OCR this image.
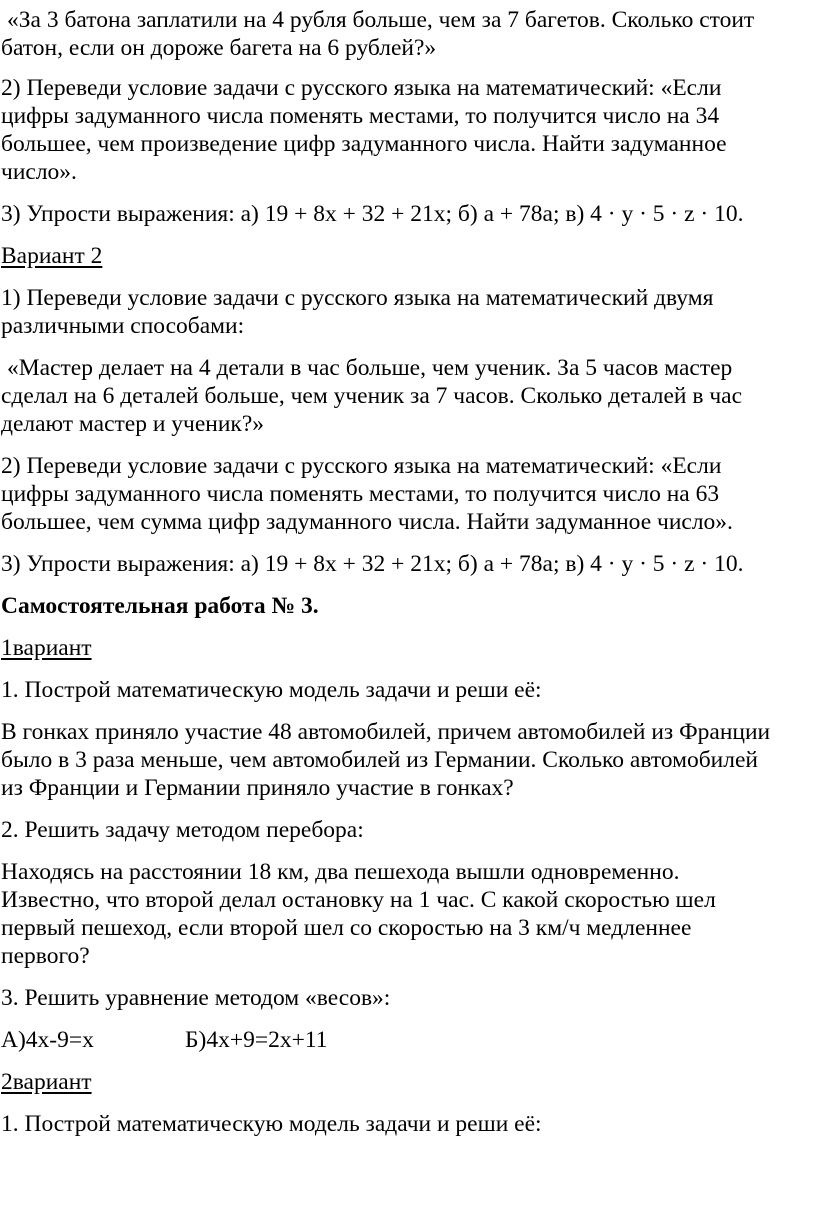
«За 3 батона заплатили на 4 рубля больше, чем за 7 багетов. Сколько стоит

батон, если он дороже багета на 6 рублей?»

2) Переведи условие задачи с русского языка на математический: «Если

цифры задуманного числа поменять местами, то получится число на 34

большее, чем произведение цифр задуманного числа. Найти задуманное

число».

3) Упрости выражения: а) 19 + 8х + 32 + 21х; б) а + 78а; в) 4 · у · 5 · z · 10.

Вариант 2

1) Переведи условие задачи с русского языка на математический двумя

различными способами:

«Мастер делает на 4 детали в час больше, чем ученик. За 5 часов мастер

сделал на 6 деталей больше, чем ученик за 7 часов. Сколько деталей в час

делают мастер и ученик?»

2) Переведи условие задачи с русского языка на математический: «Если

цифры задуманного числа поменять местами, то получится число на 63

большее, чем сумма цифр задуманного числа. Найти задуманное число».

3) Упрости выражения: а) 19 + 8х + 32 + 21х; б) а + 78а; в) 4 · у · 5 · z · 10.

Самостоятельная работа № 3.

1вариант

1. Построй математическую модель задачи и реши её:

В гонках приняло участие 48 автомобилей, причем автомобилей из Франции

было в 3 раза меньше, чем автомобилей из Германии. Сколько автомобилей

из Франции и Германии приняло участие в гонках?

2. Решить задачу методом перебора:

Находясь на расстоянии 18 км, два пешехода вышли одновременно.

Известно, что второй делал остановку на 1 час. С какой скоростью шел

первый пешеход, если второй шел со скоростью на 3 км/ч медленнее

первого?

3. Решить уравнение методом «весов»:

А)4х-9=х	Б)4х+9=2х+11

2вариант

1. Построй математическую модель задачи и реши её:
